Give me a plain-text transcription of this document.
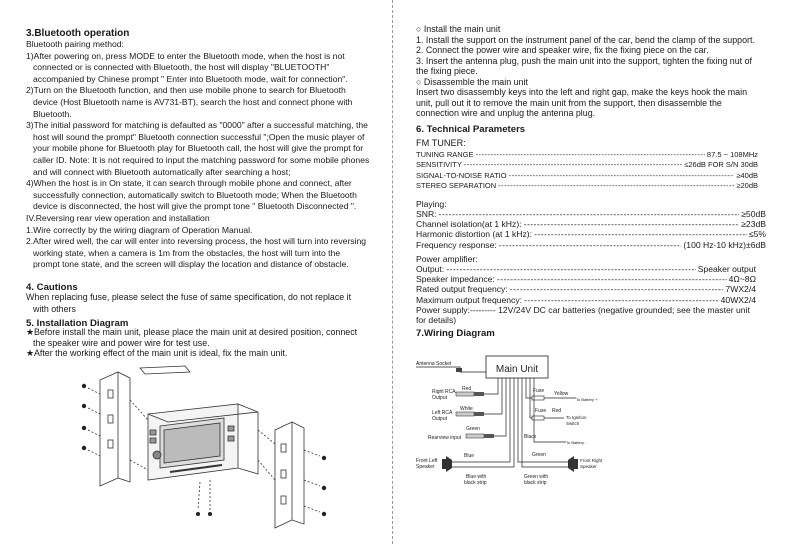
3.Bluetooth operation
Bluetooth pairing method:
1)After powering on, press MODE to enter the Bluetooth mode, when the host is not
connected or is connected with Bluetooth, the host will display "BLUETOOTH"
accompanied by Chinese prompt " Enter into Bluetooth mode, wait for connection".
2)Turn on the Bluetooth function, and then use mobile phone to search for Bluetooth
device (Host Bluetooth name is AV731-BT), search the host and connect phone with
Bluetooth.
3)The initial password for matching is defaulted as "0000" after a successful matching, the
host will sound the prompt" Bluetooth connection successful ";Open the music player of
your mobile phone for Bluetooth play for Bluetooth call, the host will give the prompt for
caller ID. Note: It is not required to input the matching password for some mobile phones
and will connect with Bluetooth automatically after searching a host;
4)When the host is in On state, it can search through mobile phone and connect, after
successfully connection, automatically switch to Bluetooth mode; When the Bluetooth
device is disconnected, the host will give the prompt tone " Bluetooth Disconnected ".
IV.Reversing rear view operation and installation
1.Wire correctly by the wiring diagram of Operation Manual.
2.After wired well, the car will enter into reversing process, the host will turn into reversing
working state, when a camera is 1m from the obstacles, the host will turn into the
prompt tone state, and the screen will display the location and distance of obstacle.
4. Cautions
When replacing fuse, please select the fuse of same specification, do not replace it
with others
5. Installation Diagram
★Before install the main unit, please place the main unit at desired position, connect
the speaker wire and power wire for test use.
★After the working effect of the main unit is ideal, fix the main unit.
○ Install the main unit
1. Install the support on the instrument panel of the car, bend the clamp of the support.
2. Connect the power wire and speaker wire, fix the fixing piece on the car.
3. Insert the antenna plug, push the main unit into the support, tighten the fixing nut of
the fixing piece.
○ Disassemble the main unit
Insert two disassembly keys into the left and right gap, make the keys hook the main
unit, pull out it to remove the main unit from the support, then disassemble the
connection wire and unplug the antenna plug.
6. Technical Parameters
FM TUNER:
TUNING RANGE -----	87.5 ~ 108MHz
SENSITIVITY -----	≤26dB FOR S/N 30dB
SIGNAL-TO-NOISE RATIO -----	≥40dB
STEREO SEPARATION -----	≥20dB
Playing:
SNR: -----	≥50dB
Channel isolation(at 1 kHz): -----	≥23dB
Harmonic distortion (at 1 kHz): -----	≤5%
Frequency response: -----	(100 Hz-10 kHz)±6dB
Power amplifier:
Output: -----	Speaker output
Speaker impedance: -----	4Ω~8Ω
Rated output frequency: -----	7WX2/4
Maximum output frequency: -----	40WX2/4
Power supply:--------- 12V/24V DC car batteries (negative grounded; see the master unit
for details)
7.Wiring Diagram
Antenna Socket	Main Unit
Right RCA
Output
Red
Left RCA
Output
White
Green
Rearview input
Fuse Yellow
To Battery +
Fuse Red
To Ignition
Switch
Black
To Battery -
Front Left
Speaker
Blue
Blue with
black strip
Green
Front Right
Speaker
Green with
black strip
